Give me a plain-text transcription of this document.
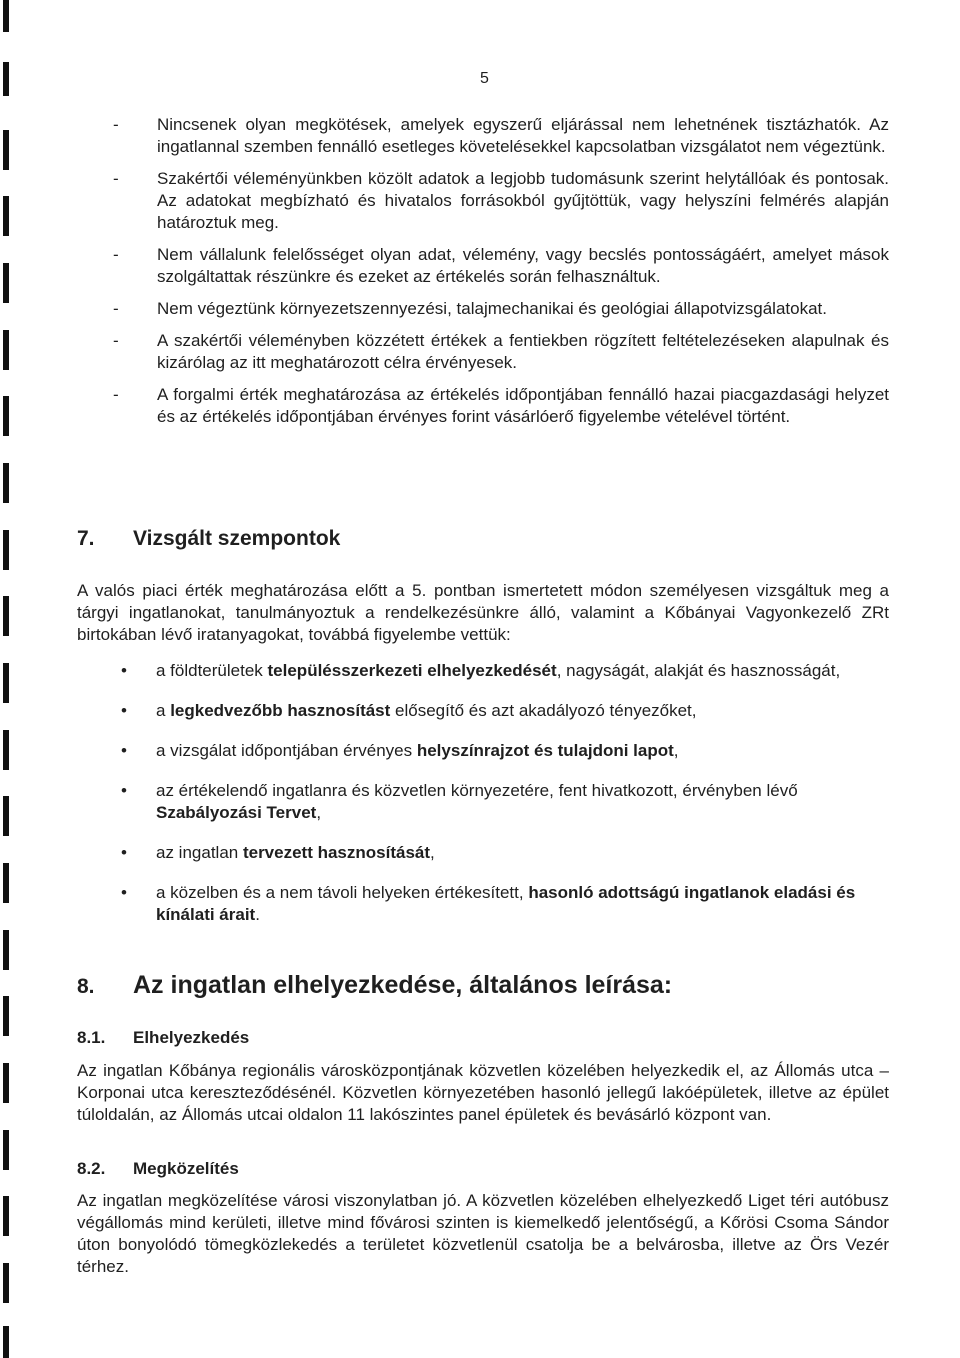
5
- Nincsenek olyan megkötések, amelyek egyszerű eljárással nem lehetnének tisztázhatók. Az ingatlannal szemben fennálló esetleges követelésekkel kapcsolatban vizsgálatot nem végeztünk.
- Szakértői véleményünkben közölt adatok a legjobb tudomásunk szerint helytállóak és pontosak. Az adatokat megbízható és hivatalos forrásokból gyűjtöttük, vagy helyszíni felmérés alapján határoztuk meg.
- Nem vállalunk felelősséget olyan adat, vélemény, vagy becslés pontosságáért, amelyet mások szolgáltattak részünkre és ezeket az értékelés során felhasználtuk.
- Nem végeztünk környezetszennyezési, talajmechanikai és geológiai állapotvizsgálatokat.
- A szakértői véleményben közzétett értékek a fentiekben rögzített feltételezéseken alapulnak és kizárólag az itt meghatározott célra érvényesek.
- A forgalmi érték meghatározása az értékelés időpontjában fennálló hazai piacgazdasági helyzet és az értékelés időpontjában érvényes forint vásárlóerő figyelembe vételével történt.
7. Vizsgált szempontok
A valós piaci érték meghatározása előtt a 5. pontban ismertetett módon személyesen vizsgáltuk meg a tárgyi ingatlanokat, tanulmányoztuk a rendelkezésünkre álló, valamint a Kőbányai Vagyonkezelő ZRt birtokában lévő iratanyagokat, továbbá figyelembe vettük:
• a földterületek településszerkezeti elhelyezkedését, nagyságát, alakját és hasznosságát,
• a legkedvezőbb hasznosítást elősegítő és azt akadályozó tényezőket,
• a vizsgálat időpontjában érvényes helyszínrajzot és tulajdoni lapot,
• az értékelendő ingatlanra és közvetlen környezetére, fent hivatkozott, érvényben lévő Szabályozási Tervet,
• az ingatlan tervezett hasznosítását,
• a közelben és a nem távoli helyeken értékesített, hasonló adottságú ingatlanok eladási és kínálati árait.
8. Az ingatlan elhelyezkedése, általános leírása:
8.1. Elhelyezkedés
Az ingatlan Kőbánya regionális városközpontjának közvetlen közelében helyezkedik el, az Állomás utca – Korponai utca kereszteződésénél. Közvetlen környezetében hasonló jellegű lakóépületek, illetve az épület túloldalán, az Állomás utcai oldalon 11 lakószintes panel épületek és bevásárló központ van.
8.2. Megközelítés
Az ingatlan megközelítése városi viszonylatban jó. A közvetlen közelében elhelyezkedő Liget téri autóbusz végállomás mind kerületi, illetve mind fővárosi szinten is kiemelkedő jelentőségű, a Kőrösi Csoma Sándor úton bonyolódó tömegközlekedés a területet közvetlenül csatolja be a belvárosba, illetve az Örs Vezér térhez.
